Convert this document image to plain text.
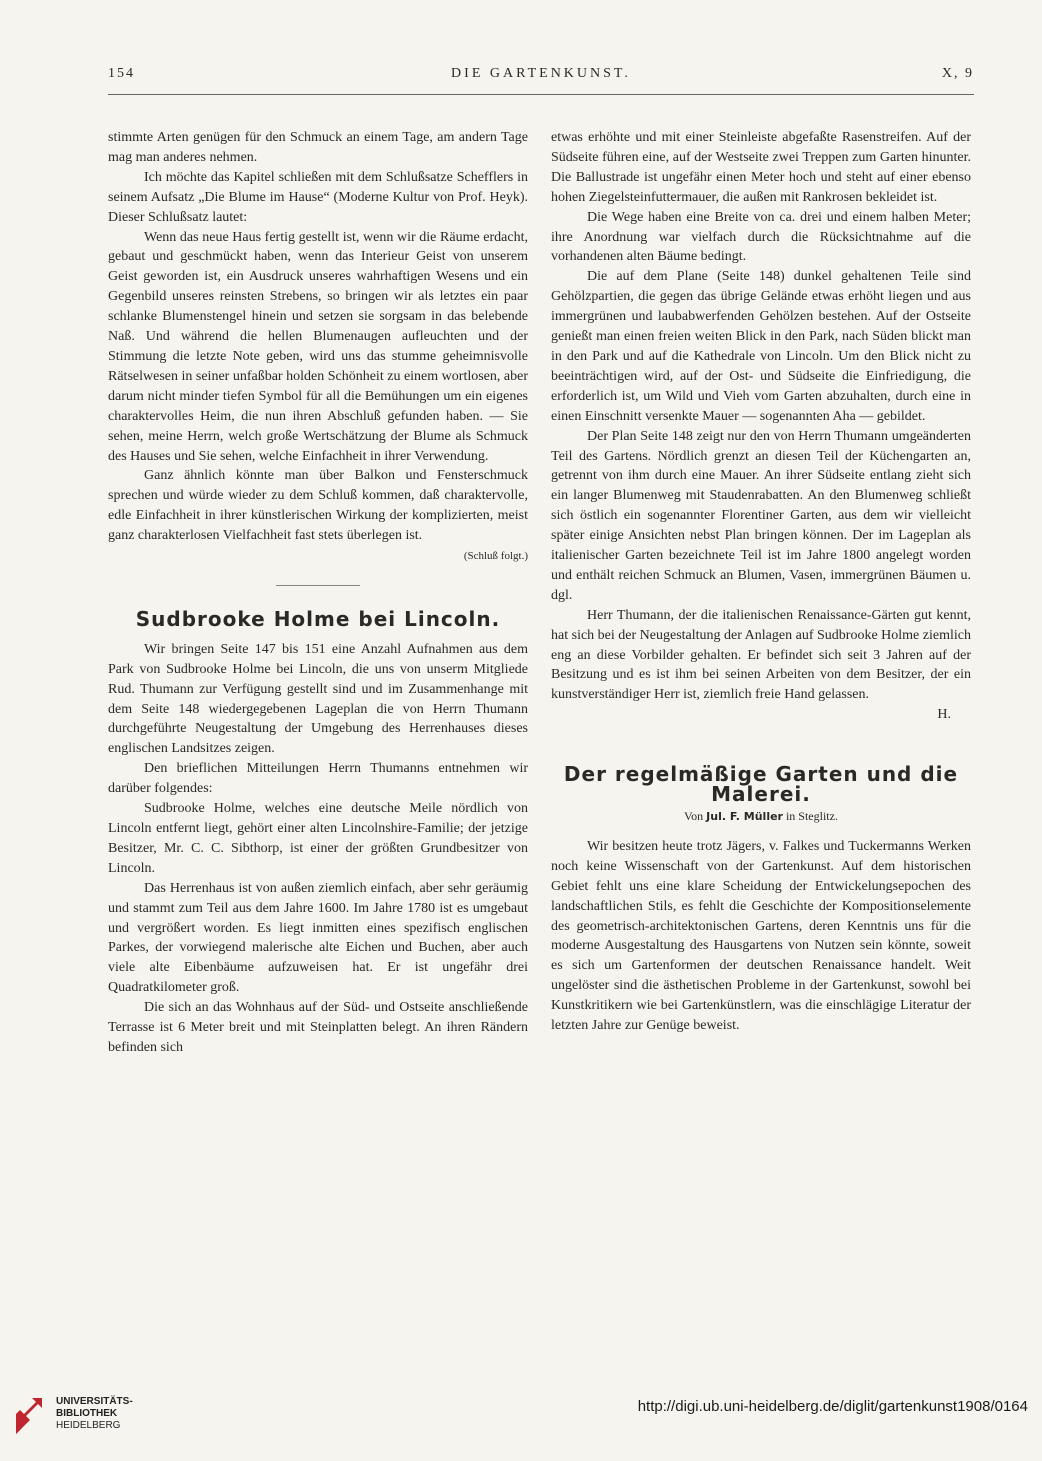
154	DIE GARTENKUNST.	X, 9

stimmte Arten genügen für den Schmuck an einem Tage, am andern Tage mag man anderes nehmen.

Ich möchte das Kapitel schließen mit dem Schlußsatze Schefflers in seinem Aufsatz „Die Blume im Hause“ (Moderne Kultur von Prof. Heyk). Dieser Schlußsatz lautet:

Wenn das neue Haus fertig gestellt ist, wenn wir die Räume erdacht, gebaut und geschmückt haben, wenn das Interieur Geist von unserem Geist geworden ist, ein Ausdruck unseres wahrhaftigen Wesens und ein Gegenbild unseres reinsten Strebens, so bringen wir als letztes ein paar schlanke Blumenstengel hinein und setzen sie sorgsam in das belebende Naß. Und während die hellen Blumenaugen aufleuchten und der Stimmung die letzte Note geben, wird uns das stumme geheimnisvolle Rätselwesen in seiner unfaßbar holden Schönheit zu einem wortlosen, aber darum nicht minder tiefen Symbol für all die Bemühungen um ein eigenes charaktervolles Heim, die nun ihren Abschluß gefunden haben. — Sie sehen, meine Herrn, welch große Wertschätzung der Blume als Schmuck des Hauses und Sie sehen, welche Einfachheit in ihrer Verwendung.

Ganz ähnlich könnte man über Balkon und Fensterschmuck sprechen und würde wieder zu dem Schluß kommen, daß charaktervolle, edle Einfachheit in ihrer künstlerischen Wirkung der komplizierten, meist ganz charakterlosen Vielfachheit fast stets überlegen ist.

(Schluß folgt.)
Sudbrooke Holme bei Lincoln.

Wir bringen Seite 147 bis 151 eine Anzahl Aufnahmen aus dem Park von Sudbrooke Holme bei Lincoln, die uns von unserm Mitgliede Rud. Thumann zur Verfügung gestellt sind und im Zusammenhange mit dem Seite 148 wiedergegebenen Lageplan die von Herrn Thumann durchgeführte Neugestaltung der Umgebung des Herrenhauses dieses englischen Landsitzes zeigen.

Den brieflichen Mitteilungen Herrn Thumanns entnehmen wir darüber folgendes:

Sudbrooke Holme, welches eine deutsche Meile nördlich von Lincoln entfernt liegt, gehört einer alten Lincolnshire-Familie; der jetzige Besitzer, Mr. C. C. Sibthorp, ist einer der größten Grundbesitzer von Lincoln.

Das Herrenhaus ist von außen ziemlich einfach, aber sehr geräumig und stammt zum Teil aus dem Jahre 1600. Im Jahre 1780 ist es umgebaut und vergrößert worden. Es liegt inmitten eines spezifisch englischen Parkes, der vorwiegend malerische alte Eichen und Buchen, aber auch viele alte Eibenbäume aufzuweisen hat. Er ist ungefähr drei Quadratkilometer groß.

Die sich an das Wohnhaus auf der Süd- und Ostseite anschließende Terrasse ist 6 Meter breit und mit Steinplatten belegt. An ihren Rändern befinden sich

etwas erhöhte und mit einer Steinleiste abgefaßte Rasenstreifen. Auf der Südseite führen eine, auf der Westseite zwei Treppen zum Garten hinunter. Die Ballustrade ist ungefähr einen Meter hoch und steht auf einer ebenso hohen Ziegelsteinfuttermauer, die außen mit Rankrosen bekleidet ist.

Die Wege haben eine Breite von ca. drei und einem halben Meter; ihre Anordnung war vielfach durch die Rücksichtnahme auf die vorhandenen alten Bäume bedingt.

Die auf dem Plane (Seite 148) dunkel gehaltenen Teile sind Gehölzpartien, die gegen das übrige Gelände etwas erhöht liegen und aus immergrünen und laubabwerfenden Gehölzen bestehen. Auf der Ostseite genießt man einen freien weiten Blick in den Park, nach Süden blickt man in den Park und auf die Kathedrale von Lincoln. Um den Blick nicht zu beeinträchtigen wird, auf der Ost- und Südseite die Einfriedigung, die erforderlich ist, um Wild und Vieh vom Garten abzuhalten, durch eine in einen Einschnitt versenkte Mauer — sogenannten Aha — gebildet.

Der Plan Seite 148 zeigt nur den von Herrn Thumann umgeänderten Teil des Gartens. Nördlich grenzt an diesen Teil der Küchengarten an, getrennt von ihm durch eine Mauer. An ihrer Südseite entlang zieht sich ein langer Blumenweg mit Staudenrabatten. An den Blumenweg schließt sich östlich ein sogenannter Florentiner Garten, aus dem wir vielleicht später einige Ansichten nebst Plan bringen können. Der im Lageplan als italienischer Garten bezeichnete Teil ist im Jahre 1800 angelegt worden und enthält reichen Schmuck an Blumen, Vasen, immergrünen Bäumen u. dgl.

Herr Thumann, der die italienischen Renaissance-Gärten gut kennt, hat sich bei der Neugestaltung der Anlagen auf Sudbrooke Holme ziemlich eng an diese Vorbilder gehalten. Er befindet sich seit 3 Jahren auf der Besitzung und es ist ihm bei seinen Arbeiten von dem Besitzer, der ein kunstverständiger Herr ist, ziemlich freie Hand gelassen.

H.
Der regelmäßige Garten und die Malerei.
Von Jul. F. Müller in Steglitz.

Wir besitzen heute trotz Jägers, v. Falkes und Tuckermanns Werken noch keine Wissenschaft von der Gartenkunst. Auf dem historischen Gebiet fehlt uns eine klare Scheidung der Entwickelungsepochen des landschaftlichen Stils, es fehlt die Geschichte der Kompositionselemente des geometrisch-architektonischen Gartens, deren Kenntnis uns für die moderne Ausgestaltung des Hausgartens von Nutzen sein könnte, soweit es sich um Gartenformen der deutschen Renaissance handelt. Weit ungelöster sind die ästhetischen Probleme in der Gartenkunst, sowohl bei Kunstkritikern wie bei Gartenkünstlern, was die einschlägige Literatur der letzten Jahre zur Genüge beweist.

UNIVERSITÄTS-
BIBLIOTHEK
HEIDELBERG
http://digi.ub.uni-heidelberg.de/diglit/gartenkunst1908/0164
